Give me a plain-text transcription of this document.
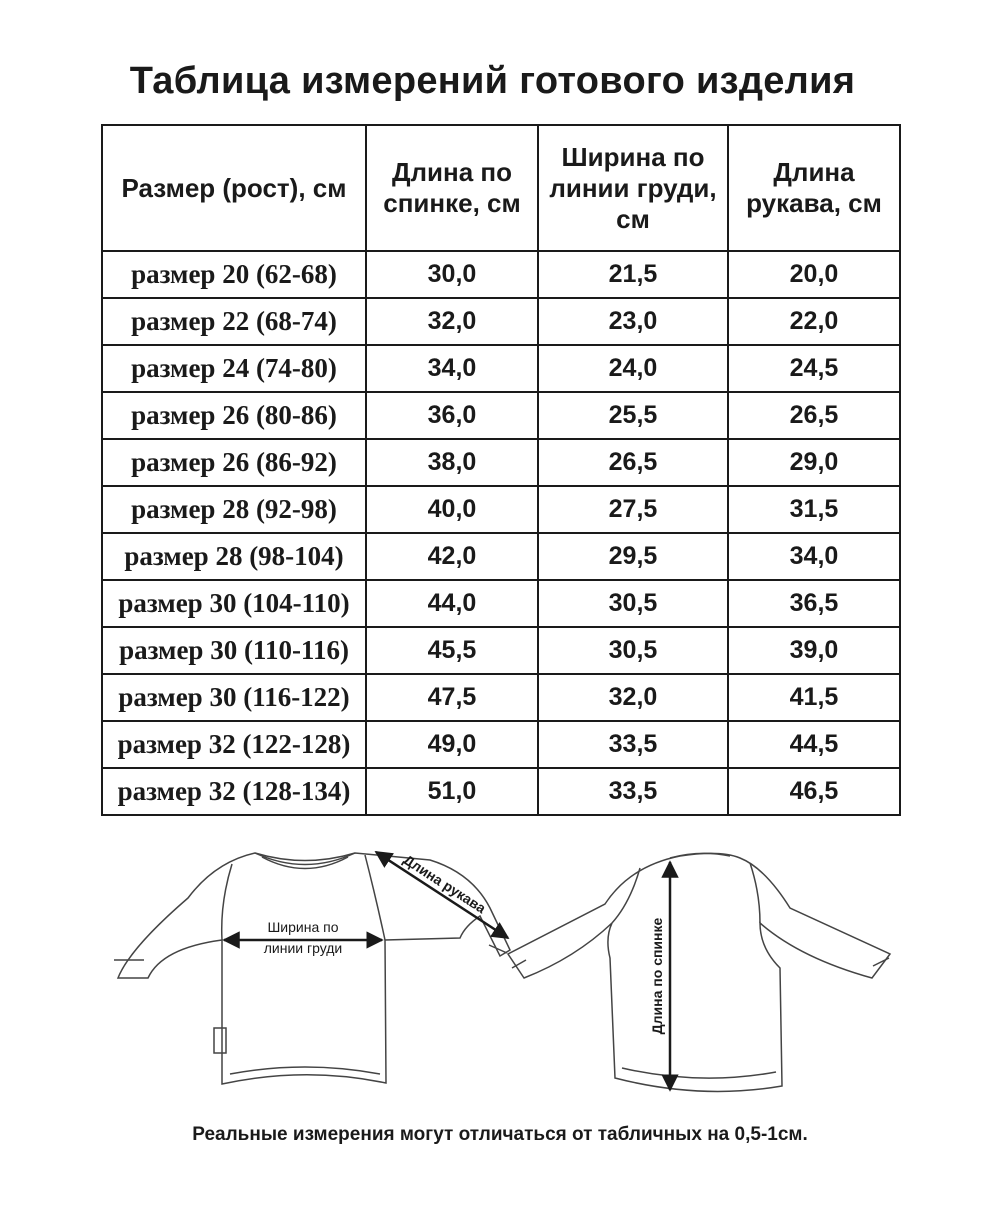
Таблица измерений готового изделия
Размер (рост), см	Длина по спинке, см	Ширина по линии груди, см	Длина рукава, см
размер 20 (62-68)	30,0	21,5	20,0
размер 22 (68-74)	32,0	23,0	22,0
размер 24 (74-80)	34,0	24,0	24,5
размер 26 (80-86)	36,0	25,5	26,5
размер 26 (86-92)	38,0	26,5	29,0
размер 28 (92-98)	40,0	27,5	31,5
размер 28 (98-104)	42,0	29,5	34,0
размер 30 (104-110)	44,0	30,5	36,5
размер 30 (110-116)	45,5	30,5	39,0
размер 30 (116-122)	47,5	32,0	41,5
размер 32 (122-128)	49,0	33,5	44,5
размер 32 (128-134)	51,0	33,5	46,5
Ширина по
линии груди
Длина рукава
Длина по спинке
Реальные измерения могут отличаться от табличных на 0,5-1см.
